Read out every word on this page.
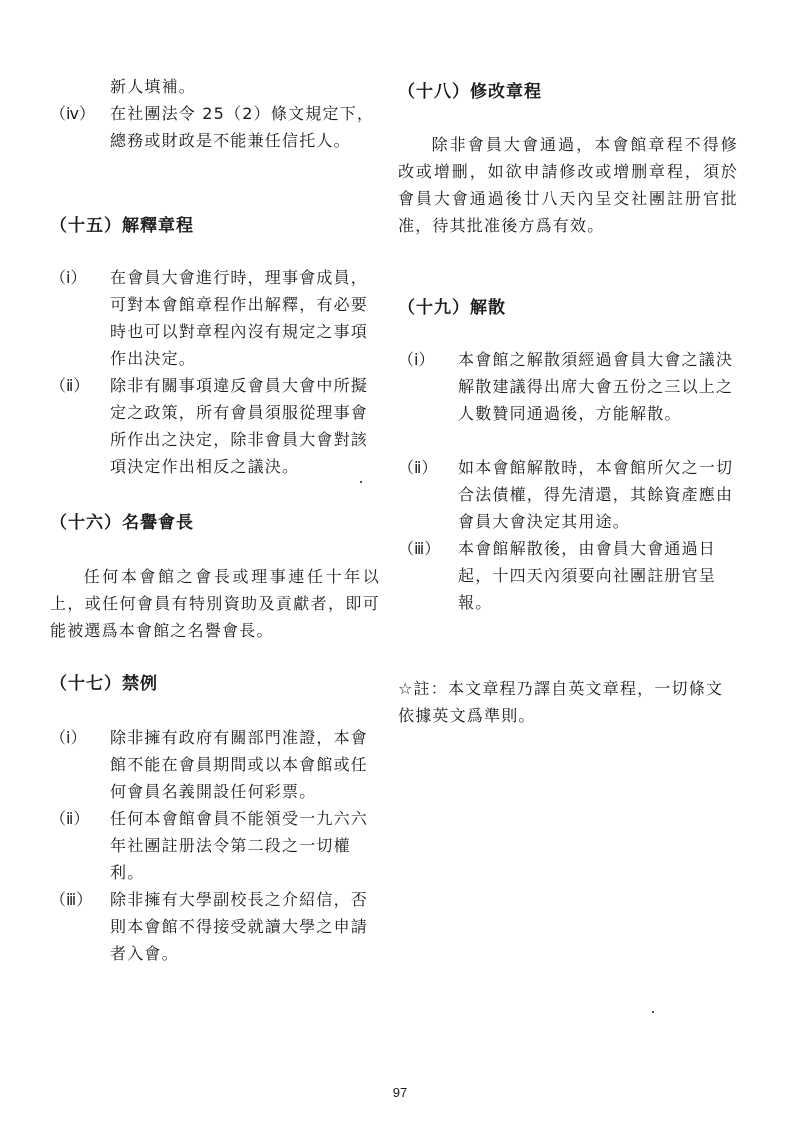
新人填補。
（ⅳ） 在社團法令 25（2）條文規定下，總務或財政是不能兼任信托人。
（十五）解釋章程
（ⅰ）	在會員大會進行時，理事會成員，可對本會館章程作出解釋，有必要時也可以對章程內沒有規定之事項作出決定。
（ⅱ）	除非有關事項違反會員大會中所擬定之政策，所有會員須服從理事會所作出之決定，除非會員大會對該項決定作出相反之議決。
（十六）名譽會長
任何本會館之會長或理事連任十年以上，或任何會員有特別資助及貢獻者，即可能被選爲本會館之名譽會長。
（十七）禁例
（ⅰ）	除非擁有政府有關部門准證，本會館不能在會員期間或以本會館或任何會員名義開設任何彩票。
（ⅱ）	任何本會館會員不能領受一九六六年社團註册法令第二段之一切權利。
（ⅲ）	除非擁有大學副校長之介紹信，否則本會館不得接受就讀大學之申請者入會。
（十八）修改章程
除非會員大會通過，本會館章程不得修改或增刪，如欲申請修改或增删章程，須於會員大會通過後廿八天內呈交社團註册官批准，待其批准後方爲有效。
（十九）解散
（ⅰ）	本會館之解散須經過會員大會之議決解散建議得出席大會五份之三以上之人數贊同通過後，方能解散。
（ⅱ）	如本會館解散時，本會館所欠之一切合法債權，得先清還，其餘資產應由會員大會決定其用途。
（ⅲ）	本會館解散後，由會員大會通過日起，十四天內須要向社團註册官呈報。
☆註：本文章程乃譯自英文章程，一切條文依據英文爲準則。
97
